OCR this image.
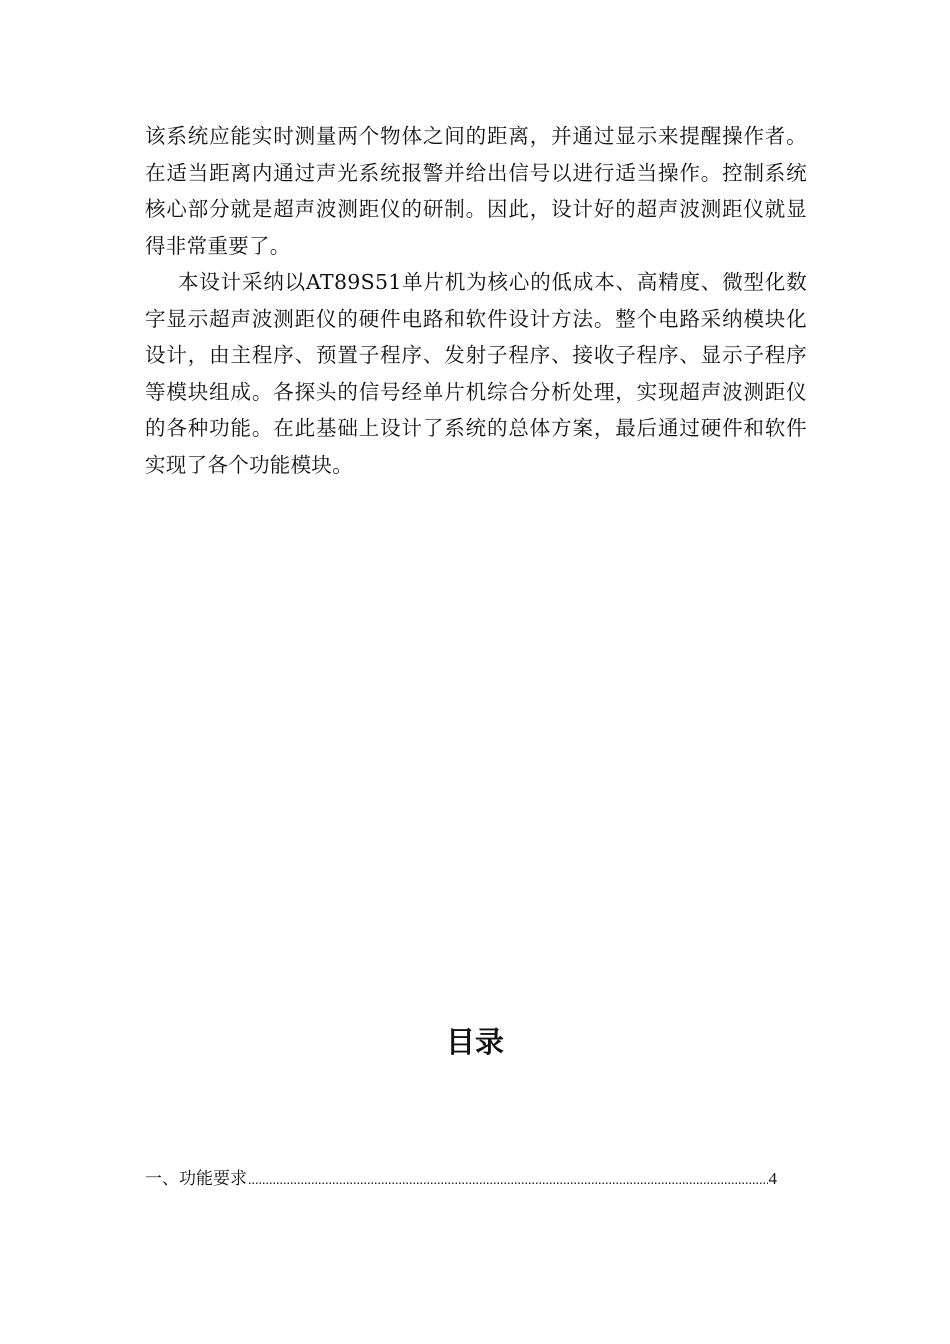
该系统应能实时测量两个物体之间的距离，并通过显示来提醒操作者。在适当距离内通过声光系统报警并给出信号以进行适当操作。控制系统核心部分就是超声波测距仪的研制。因此，设计好的超声波测距仪就显得非常重要了。

本设计采纳以AT89S51单片机为核心的低成本、高精度、微型化数字显示超声波测距仪的硬件电路和软件设计方法。整个电路采纳模块化设计，由主程序、预置子程序、发射子程序、接收子程序、显示子程序等模块组成。各探头的信号经单片机综合分析处理，实现超声波测距仪的各种功能。在此基础上设计了系统的总体方案，最后通过硬件和软件实现了各个功能模块。

目录
一、功能要求
.....	4
